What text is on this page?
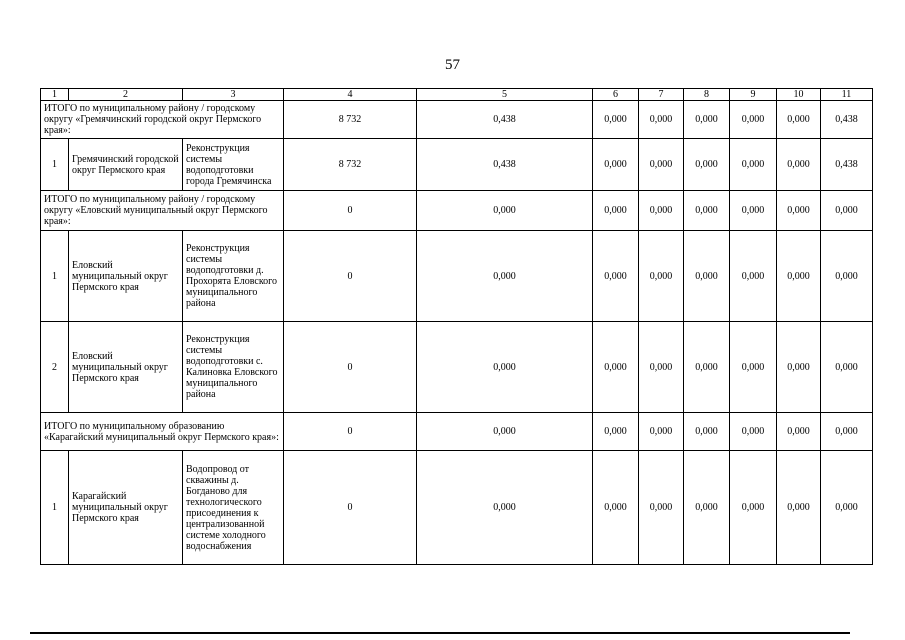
57
1	2	3	4	5	6	7	8	9	10	11
ИТОГО по муниципальному району / городскому округу «Гремячинский городской округ Пермского края»:			8 732	0,438	0,000	0,000	0,000	0,000	0,000	0,438
1	Гремячинский городской округ Пермского края	Реконструкция системы водоподготовки города Гремячинска	8 732	0,438	0,000	0,000	0,000	0,000	0,000	0,438
ИТОГО по муниципальному району / городскому округу «Еловский муниципальный округ Пермского края»:			0	0,000	0,000	0,000	0,000	0,000	0,000	0,000
1	Еловский муниципальный округ Пермского края	Реконструкция системы водоподготовки д. Прохорята Еловского муниципального района	0	0,000	0,000	0,000	0,000	0,000	0,000	0,000
2	Еловский муниципальный округ Пермского края	Реконструкция системы водоподготовки с. Калиновка Еловского муниципального района	0	0,000	0,000	0,000	0,000	0,000	0,000	0,000
ИТОГО по муниципальному образованию «Карагайский муниципальный округ Пермского края»:			0	0,000	0,000	0,000	0,000	0,000	0,000	0,000
1	Карагайский муниципальный округ Пермского края	Водопровод от скважины д. Богданово для технологического присоединения к централизованной системе холодного водоснабжения	0	0,000	0,000	0,000	0,000	0,000	0,000	0,000
